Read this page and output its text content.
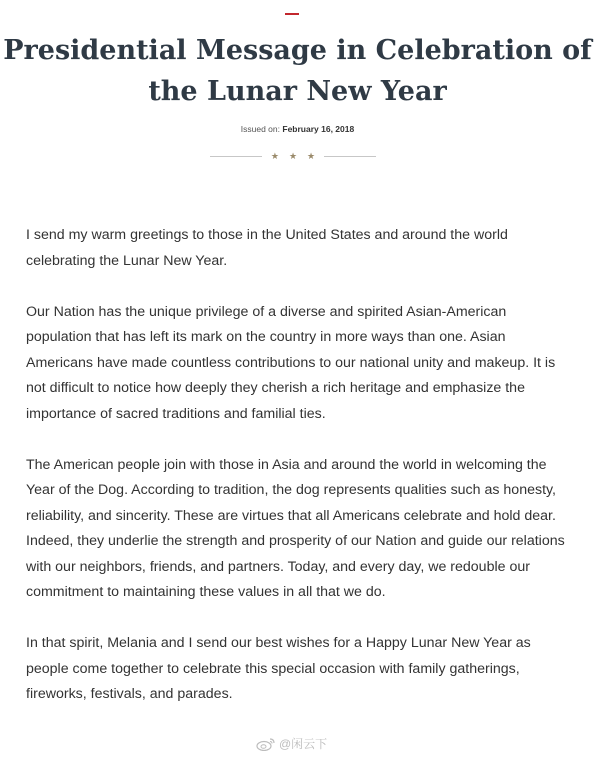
Presidential Message in Celebration of the Lunar New Year
Issued on: February 16, 2018
★ ★ ★

I send my warm greetings to those in the United States and around the world celebrating the Lunar New Year.

Our Nation has the unique privilege of a diverse and spirited Asian-American population that has left its mark on the country in more ways than one. Asian Americans have made countless contributions to our national unity and makeup. It is not difficult to notice how deeply they cherish a rich heritage and emphasize the importance of sacred traditions and familial ties.

The American people join with those in Asia and around the world in welcoming the Year of the Dog. According to tradition, the dog represents qualities such as honesty, reliability, and sincerity. These are virtues that all Americans celebrate and hold dear. Indeed, they underlie the strength and prosperity of our Nation and guide our relations with our neighbors, friends, and partners. Today, and every day, we redouble our commitment to maintaining these values in all that we do.

In that spirit, Melania and I send our best wishes for a Happy Lunar New Year as people come together to celebrate this special occasion with family gatherings, fireworks, festivals, and parades.

@闲云下
